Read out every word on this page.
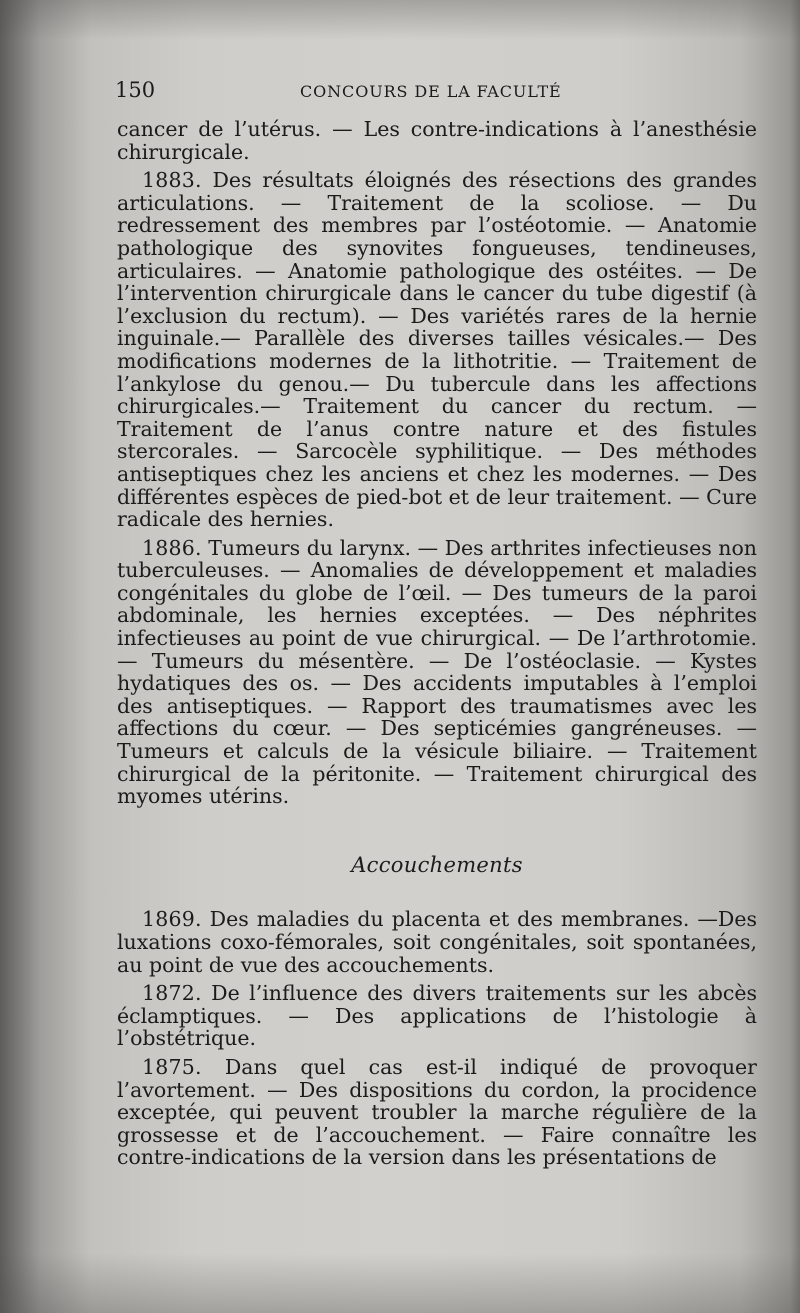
150	CONCOURS DE LA FACULTÉ

cancer de l’utérus. — Les contre-indications à l’anesthésie chirurgicale.

1883. Des résultats éloignés des résections des grandes articulations. — Traitement de la scoliose. — Du redressement des membres par l’ostéotomie. — Anatomie pathologique des synovites fongueuses, tendineuses, articulaires. — Anatomie pathologique des ostéites. — De l’intervention chirurgicale dans le cancer du tube digestif (à l’exclusion du rectum). — Des variétés rares de la hernie inguinale.— Parallèle des diverses tailles vésicales.— Des modifications modernes de la lithotritie. — Traitement de l’ankylose du genou.— Du tubercule dans les affections chirurgicales.— Traitement du cancer du rectum. — Traitement de l’anus contre nature et des fistules stercorales. — Sarcocèle syphilitique. — Des méthodes antiseptiques chez les anciens et chez les modernes. — Des différentes espèces de pied-bot et de leur traitement. — Cure radicale des hernies.

1886. Tumeurs du larynx. — Des arthrites infectieuses non tuberculeuses. — Anomalies de développement et maladies congénitales du globe de l’œil. — Des tumeurs de la paroi abdominale, les hernies exceptées. — Des néphrites infectieuses au point de vue chirurgical. — De l’arthrotomie. — Tumeurs du mésentère. — De l’ostéoclasie. — Kystes hydatiques des os. — Des accidents imputables à l’emploi des antiseptiques. — Rapport des traumatismes avec les affections du cœur. — Des septicémies gangréneuses. — Tumeurs et calculs de la vésicule biliaire. — Traitement chirurgical de la péritonite. — Traitement chirurgical des myomes utérins.

Accouchements

1869. Des maladies du placenta et des membranes. —Des luxations coxo-fémorales, soit congénitales, soit spontanées, au point de vue des accouchements.

1872. De l’influence des divers traitements sur les abcès éclamptiques. — Des applications de l’histologie à l’obstétrique.

1875. Dans quel cas est-il indiqué de provoquer l’avortement. — Des dispositions du cordon, la procidence exceptée, qui peuvent troubler la marche régulière de la grossesse et de l’accouchement. — Faire connaître les contre-indications de la version dans les présentations de
